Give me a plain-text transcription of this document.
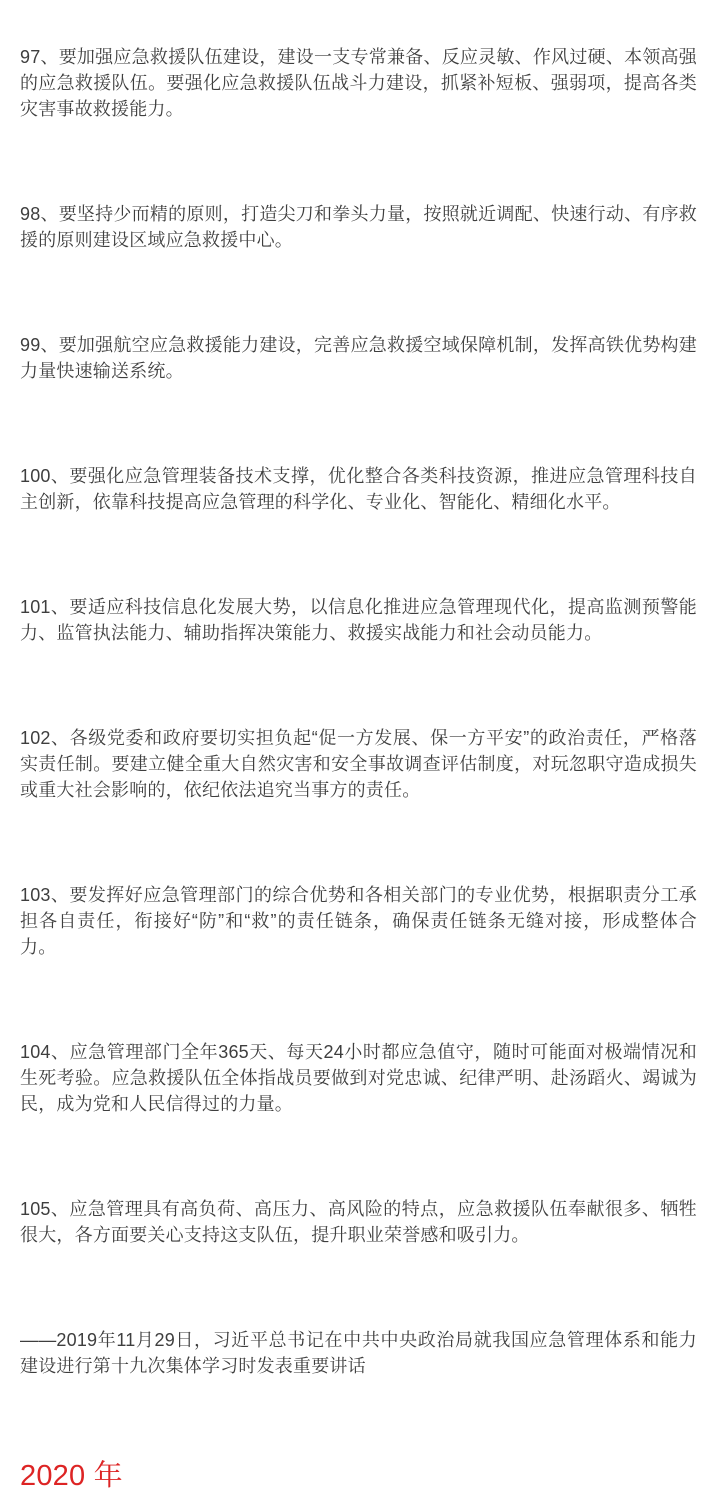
97、要加强应急救援队伍建设，建设一支专常兼备、反应灵敏、作风过硬、本领高强的应急救援队伍。要强化应急救援队伍战斗力建设，抓紧补短板、强弱项，提高各类灾害事故救援能力。

98、要坚持少而精的原则，打造尖刀和拳头力量，按照就近调配、快速行动、有序救援的原则建设区域应急救援中心。

99、要加强航空应急救援能力建设，完善应急救援空域保障机制，发挥高铁优势构建力量快速输送系统。

100、要强化应急管理装备技术支撑，优化整合各类科技资源，推进应急管理科技自主创新，依靠科技提高应急管理的科学化、专业化、智能化、精细化水平。

101、要适应科技信息化发展大势，以信息化推进应急管理现代化，提高监测预警能力、监管执法能力、辅助指挥决策能力、救援实战能力和社会动员能力。

102、各级党委和政府要切实担负起“促一方发展、保一方平安”的政治责任，严格落实责任制。要建立健全重大自然灾害和安全事故调查评估制度，对玩忽职守造成损失或重大社会影响的，依纪依法追究当事方的责任。

103、要发挥好应急管理部门的综合优势和各相关部门的专业优势，根据职责分工承担各自责任，衔接好“防”和“救”的责任链条，确保责任链条无缝对接，形成整体合力。

104、应急管理部门全年365天、每天24小时都应急值守，随时可能面对极端情况和生死考验。应急救援队伍全体指战员要做到对党忠诚、纪律严明、赴汤蹈火、竭诚为民，成为党和人民信得过的力量。

105、应急管理具有高负荷、高压力、高风险的特点，应急救援队伍奉献很多、牺牲很大，各方面要关心支持这支队伍，提升职业荣誉感和吸引力。

——2019年11月29日，习近平总书记在中共中央政治局就我国应急管理体系和能力建设进行第十九次集体学习时发表重要讲话

2020 年
